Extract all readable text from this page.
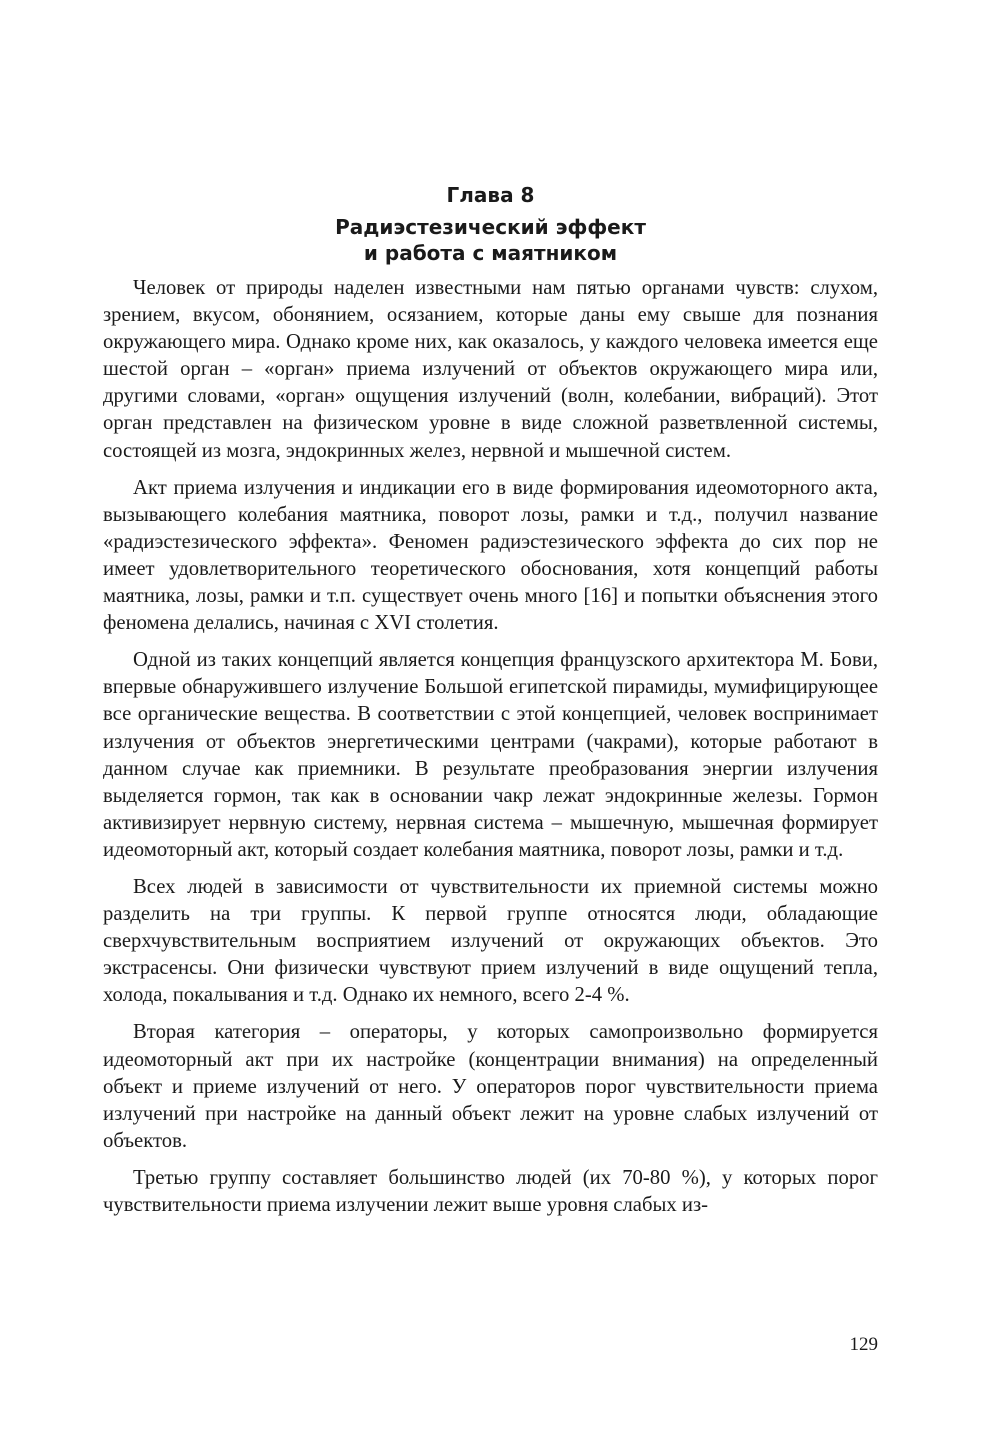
Глава 8
Радиэстезический эффект
и работа с маятником

Человек от природы наделен известными нам пятью органами чувств: слухом, зрением, вкусом, обонянием, осязанием, которые даны ему свыше для познания окружающего мира. Однако кроме них, как оказалось, у каждого человека имеется еще шестой орган – «орган» приема излучений от объектов окружающего мира или, другими словами, «орган» ощущения излучений (волн, колебании, вибраций). Этот орган представлен на физическом уровне в виде сложной разветвленной системы, состоящей из мозга, эндокринных желез, нервной и мышечной систем.

Акт приема излучения и индикации его в виде формирования идеомоторного акта, вызывающего колебания маятника, поворот лозы, рамки и т.д., получил название «радиэстезического эффекта». Феномен радиэстезического эффекта до сих пор не имеет удовлетворительного теоретического обоснования, хотя концепций работы маятника, лозы, рамки и т.п. существует очень много [16] и попытки объяснения этого феномена делались, начиная с XVI столетия.

Одной из таких концепций является концепция французского архитектора М. Бови, впервые обнаружившего излучение Большой египетской пирамиды, мумифицирующее все органические вещества. В соответствии с этой концепцией, человек воспринимает излучения от объектов энергетическими центрами (чакрами), которые работают в данном случае как приемники. В результате преобразования энергии излучения выделяется гормон, так как в основании чакр лежат эндокринные железы. Гормон активизирует нервную систему, нервная система – мышечную, мышечная формирует идеомоторный акт, который создает колебания маятника, поворот лозы, рамки и т.д.

Всех людей в зависимости от чувствительности их приемной системы можно разделить на три группы. К первой группе относятся люди, обладающие сверхчувствительным восприятием излучений от окружающих объектов. Это экстрасенсы. Они физически чувствуют прием излучений в виде ощущений тепла, холода, покалывания и т.д. Однако их немного, всего 2-4 %.

Вторая категория – операторы, у которых самопроизвольно формируется идеомоторный акт при их настройке (концентрации внимания) на определенный объект и приеме излучений от него. У операторов порог чувствительности приема излучений при настройке на данный объект лежит на уровне слабых излучений от объектов.

Третью группу составляет большинство людей (их 70-80 %), у которых порог чувствительности приема излучении лежит выше уровня слабых из-

129
